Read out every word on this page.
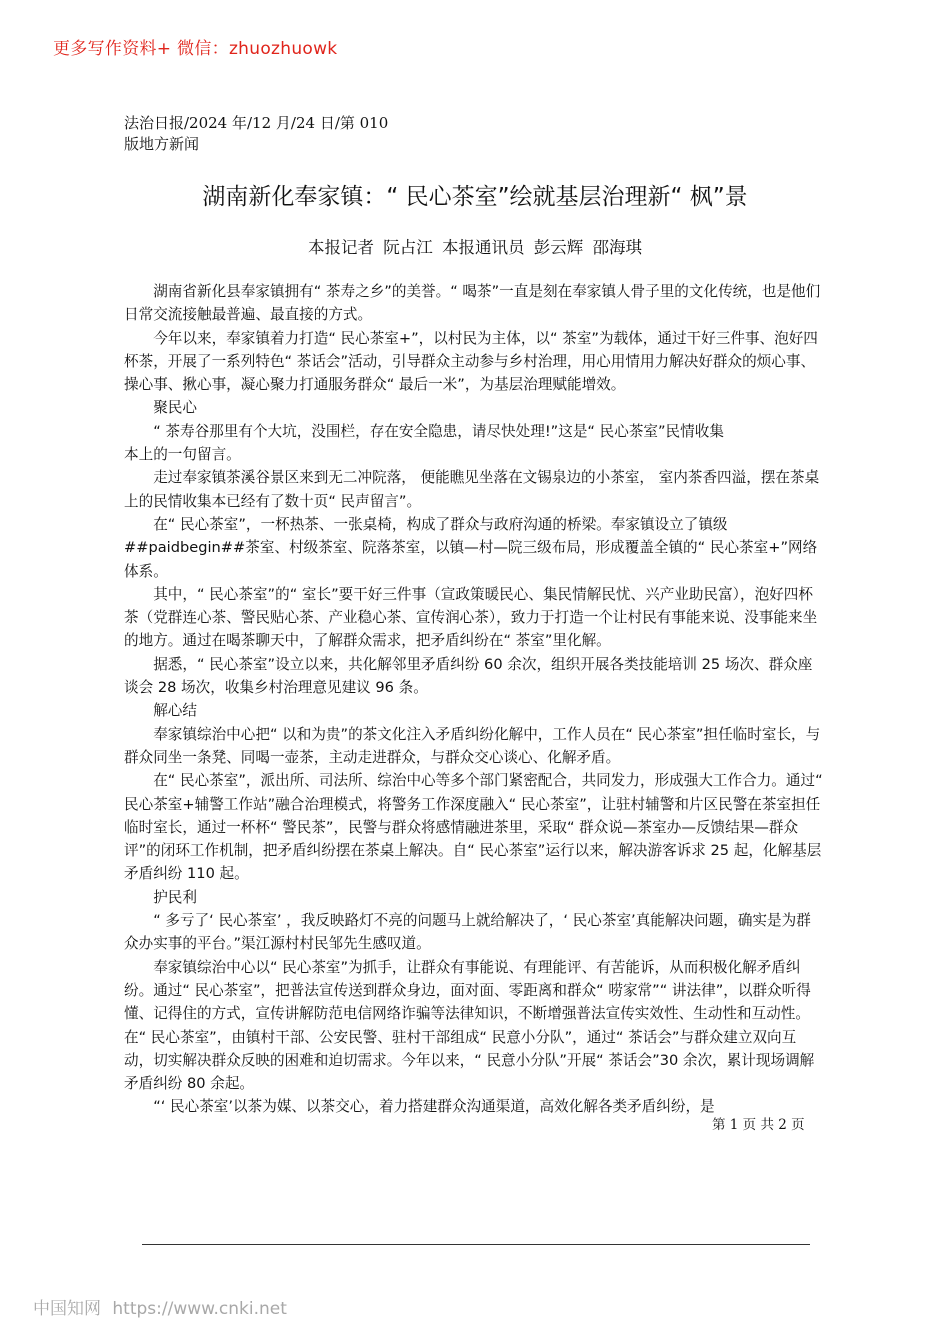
更多写作资料+ 微信：zhuozhuowk
法治日报/2024 年/12 月/24 日/第 010
版地方新闻
湖南新化奉家镇：“ 民心茶室”绘就基层治理新“ 枫”景
本报记者 阮占江 本报通讯员 彭云辉 邵海琪

湖南省新化县奉家镇拥有“ 茶寿之乡”的美誉。“ 喝茶”一直是刻在奉家镇人骨子里的文化传统，也是他们日常交流接触最普遍、最直接的方式。

今年以来，奉家镇着力打造“ 民心茶室+”，以村民为主体，以“ 茶室”为载体，通过干好三件事、泡好四杯茶，开展了一系列特色“ 茶话会”活动，引导群众主动参与乡村治理，用心用情用力解决好群众的烦心事、操心事、揪心事，凝心聚力打通服务群众“ 最后一米”，为基层治理赋能增效。

聚民心

“ 茶寿谷那里有个大坑，没围栏，存在安全隐患，请尽快处理!”这是“ 民心茶室”民情收集

本上的一句留言。

走过奉家镇茶溪谷景区来到无二冲院落， 便能瞧见坐落在文锡泉边的小茶室， 室内茶香四溢，摆在茶桌上的民情收集本已经有了数十页“ 民声留言”。

在“ 民心茶室”，一杯热茶、一张桌椅，构成了群众与政府沟通的桥梁。奉家镇设立了镇级##paidbegin##茶室、村级茶室、院落茶室，以镇—村—院三级布局，形成覆盖全镇的“ 民心茶室+”网络体系。

其中，“ 民心茶室”的“ 室长”要干好三件事（宣政策暖民心、集民情解民忧、兴产业助民富），泡好四杯茶（党群连心茶、警民贴心茶、产业稳心茶、宣传润心茶），致力于打造一个让村民有事能来说、没事能来坐的地方。通过在喝茶聊天中，了解群众需求，把矛盾纠纷在“ 茶室”里化解。

据悉，“ 民心茶室”设立以来，共化解邻里矛盾纠纷 60 余次，组织开展各类技能培训 25 场次、群众座谈会 28 场次，收集乡村治理意见建议 96 条。

解心结

奉家镇综治中心把“ 以和为贵”的茶文化注入矛盾纠纷化解中，工作人员在“ 民心茶室”担任临时室长，与群众同坐一条凳、同喝一壶茶，主动走进群众，与群众交心谈心、化解矛盾。

在“ 民心茶室”，派出所、司法所、综治中心等多个部门紧密配合，共同发力，形成强大工作合力。通过“ 民心茶室+辅警工作站”融合治理模式，将警务工作深度融入“ 民心茶室”，让驻村辅警和片区民警在茶室担任临时室长，通过一杯杯“ 警民茶”，民警与群众将感情融进茶里，采取“ 群众说—茶室办—反馈结果—群众评”的闭环工作机制，把矛盾纠纷摆在茶桌上解决。自“ 民心茶室”运行以来，解决游客诉求 25 起，化解基层矛盾纠纷 110 起。

护民利

“ 多亏了‘ 民心茶室’ ，我反映路灯不亮的问题马上就给解决了，‘ 民心茶室’真能解决问题，确实是为群众办实事的平台。”渠江源村村民邹先生感叹道。

奉家镇综治中心以“ 民心茶室”为抓手，让群众有事能说、有理能评、有苦能诉，从而积极化解矛盾纠纷。通过“ 民心茶室”，把普法宣传送到群众身边，面对面、零距离和群众“ 唠家常”“ 讲法律”，以群众听得懂、记得住的方式，宣传讲解防范电信网络诈骗等法律知识，不断增强普法宣传实效性、生动性和互动性。在“ 民心茶室”，由镇村干部、公安民警、驻村干部组成“ 民意小分队”，通过“ 茶话会”与群众建立双向互动，切实解决群众反映的困难和迫切需求。今年以来，“ 民意小分队”开展“ 茶话会”30 余次，累计现场调解矛盾纠纷 80 余起。

“‘ 民心茶室’以茶为媒、以茶交心，着力搭建群众沟通渠道，高效化解各类矛盾纠纷，是

第 1 页 共 2 页
中国知网 https://www.cnki.net
